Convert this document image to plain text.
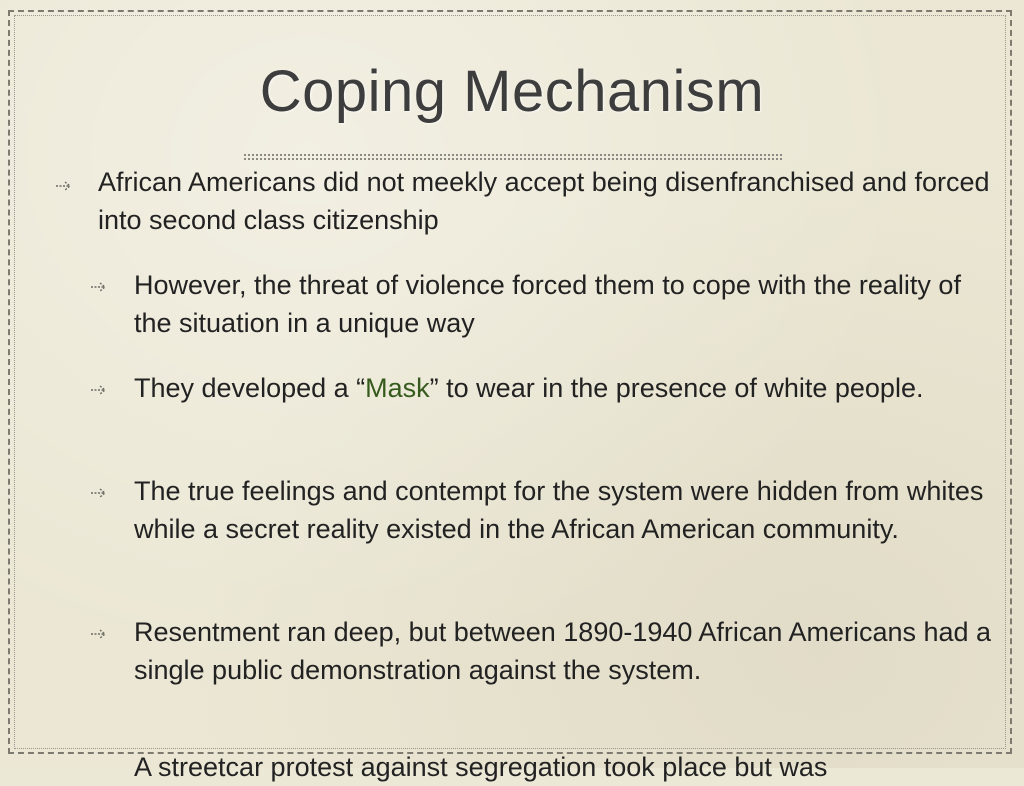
Coping Mechanism
African Americans did not meekly accept being disenfranchised and forced into second class citizenship
However, the threat of violence forced them to cope with the reality of the situation in a unique way
They developed a “Mask” to wear in the presence of white people.
The true feelings and contempt for the system were hidden from whites while a secret reality existed in the African American community.
Resentment ran deep, but between 1890-1940 African Americans had a single public demonstration against the system.
A streetcar protest against segregation took place but was
